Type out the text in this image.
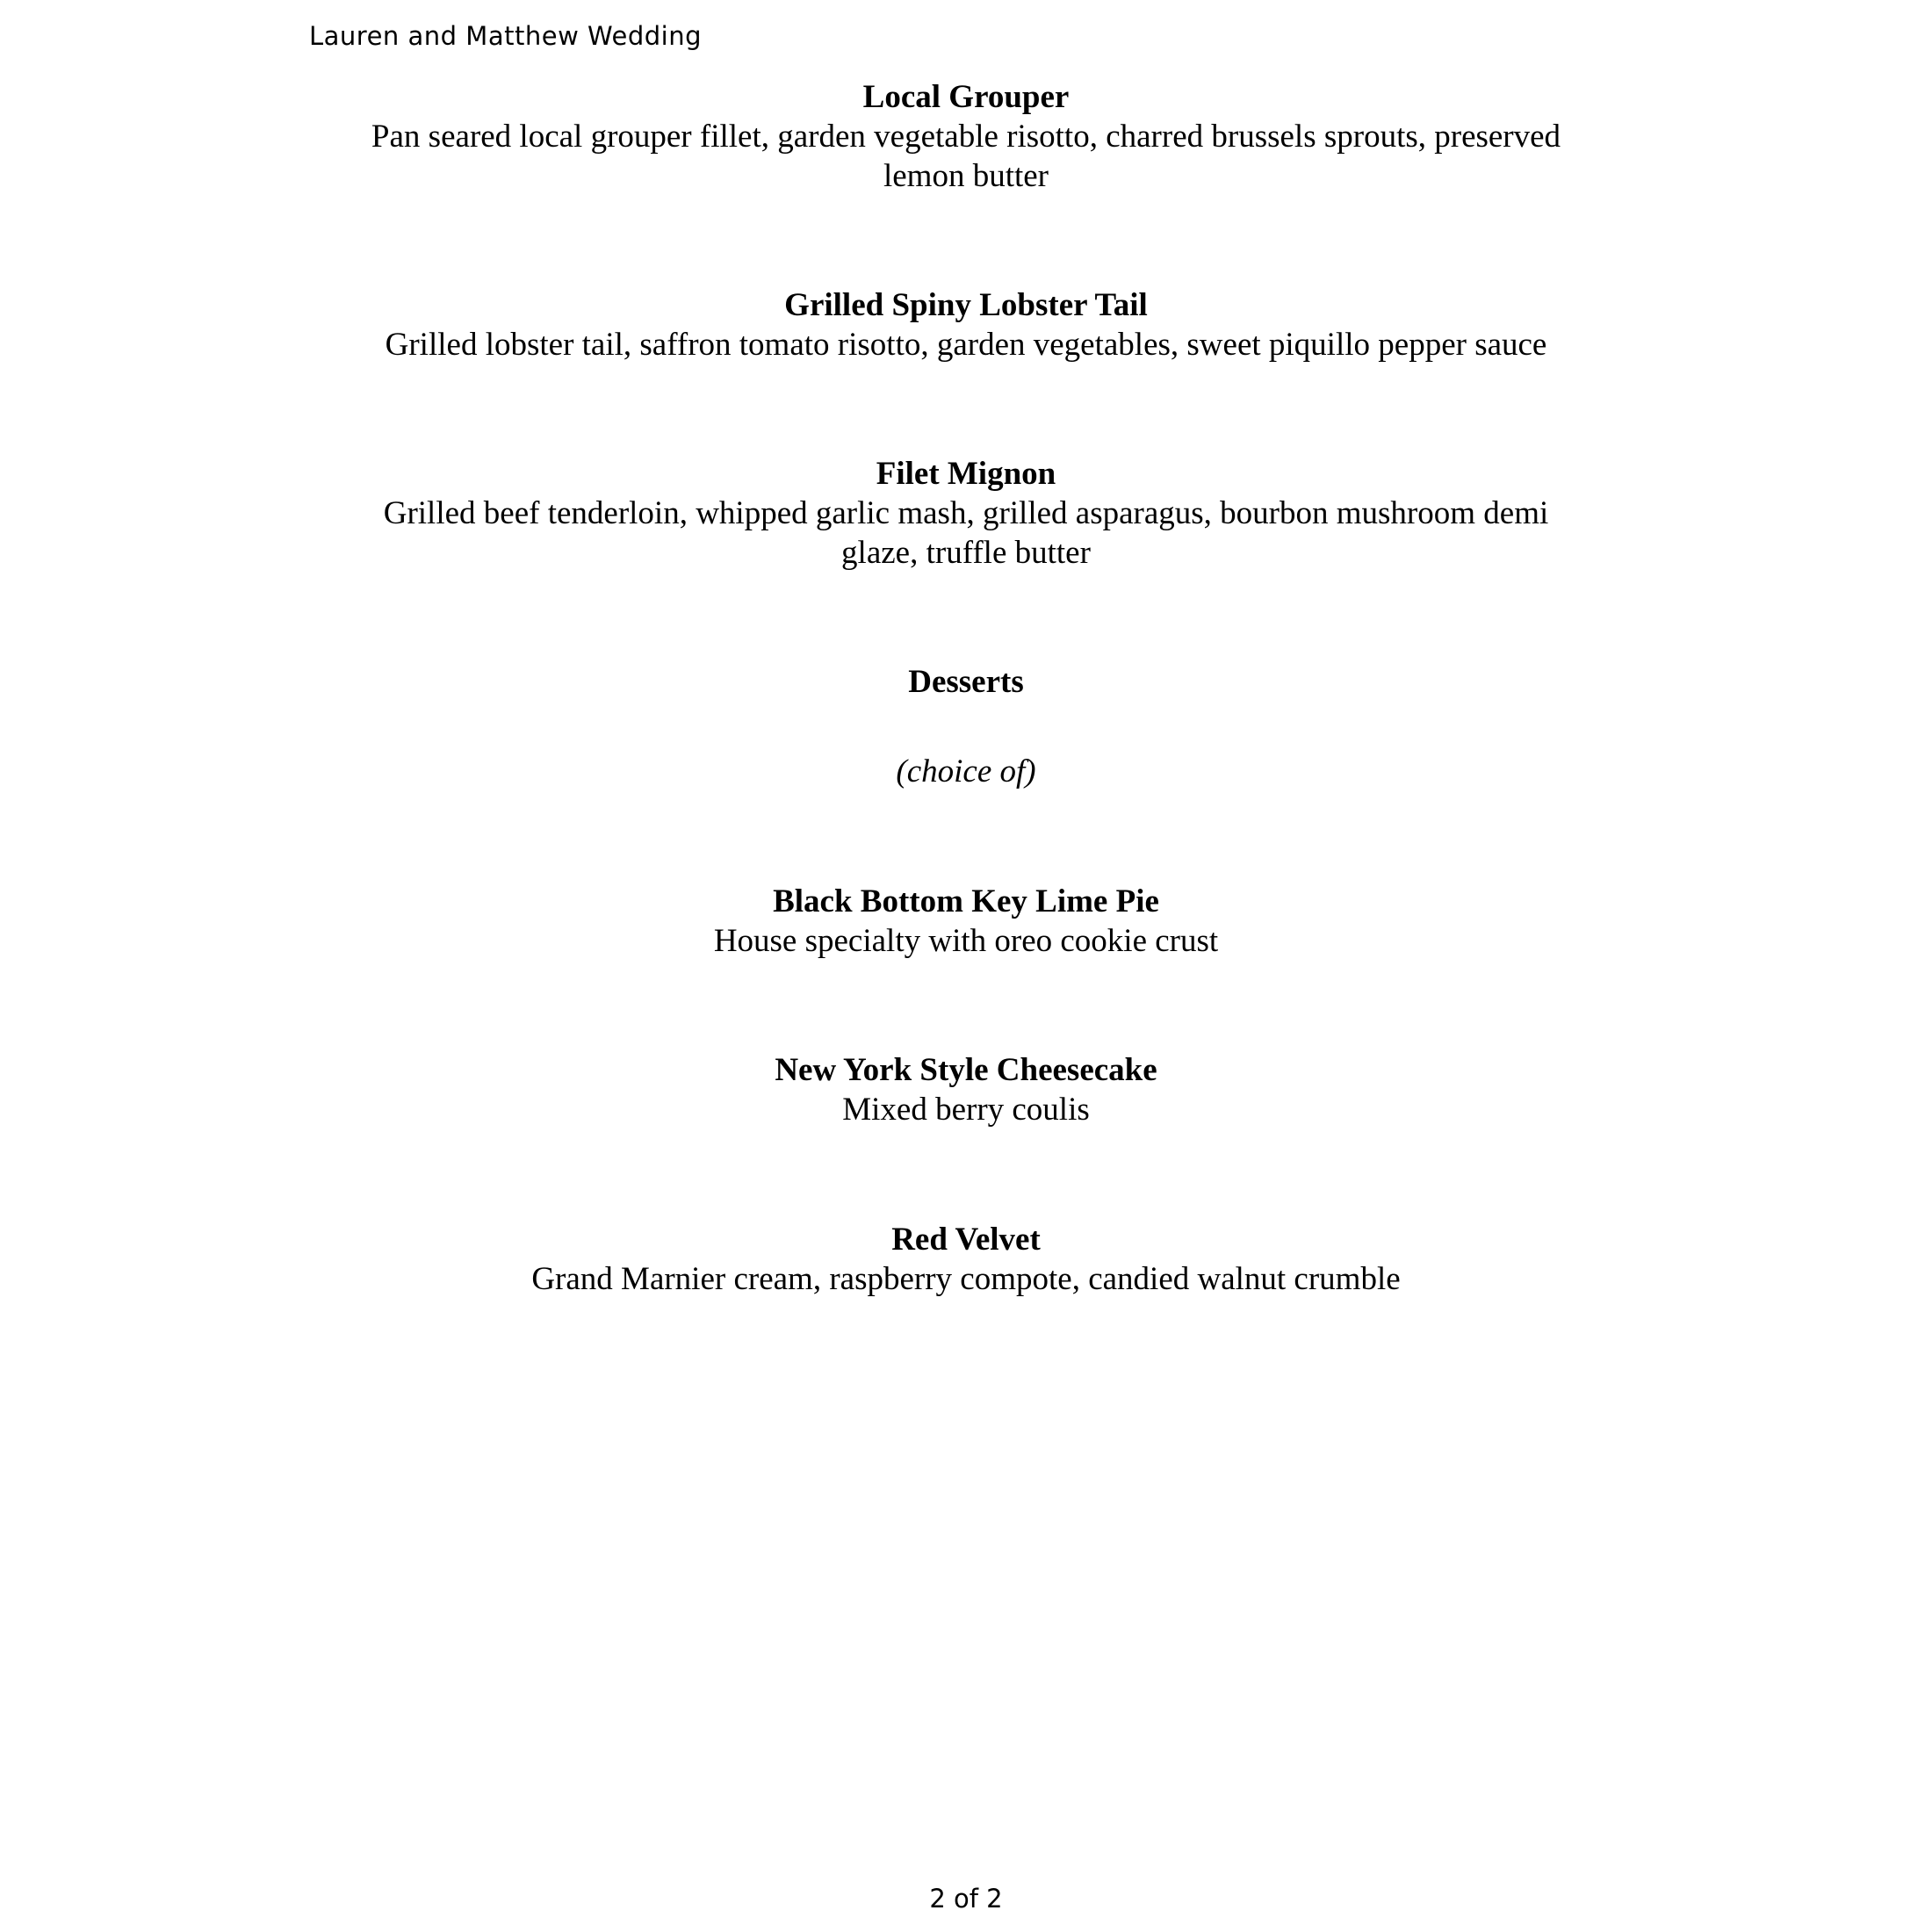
Lauren and Matthew Wedding
Local Grouper
Pan seared local grouper fillet, garden vegetable risotto, charred brussels sprouts, preserved
lemon butter
Grilled Spiny Lobster Tail
Grilled lobster tail, saffron tomato risotto, garden vegetables, sweet piquillo pepper sauce
Filet Mignon
Grilled beef tenderloin, whipped garlic mash, grilled asparagus, bourbon mushroom demi
glaze, truffle butter
Desserts
(choice of)
Black Bottom Key Lime Pie
House specialty with oreo cookie crust
New York Style Cheesecake
Mixed berry coulis
Red Velvet
Grand Marnier cream, raspberry compote, candied walnut crumble
2 of 2
